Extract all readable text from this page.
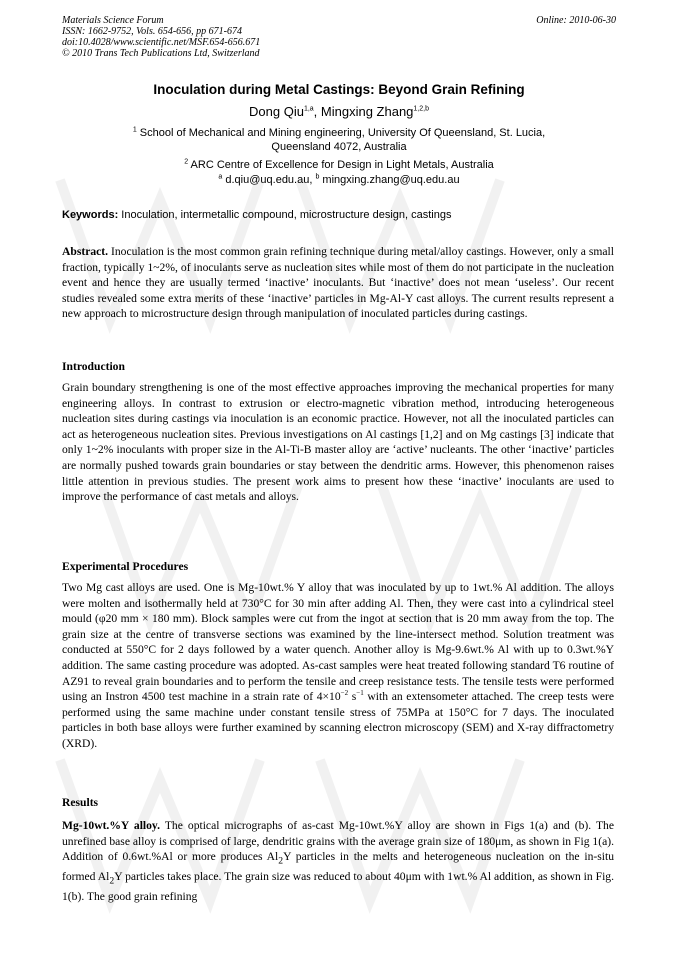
Materials Science Forum
ISSN: 1662-9752, Vols. 654-656, pp 671-674
doi:10.4028/www.scientific.net/MSF.654-656.671
© 2010 Trans Tech Publications Ltd, Switzerland
Online: 2010-06-30
Inoculation during Metal Castings: Beyond Grain Refining
Dong Qiu$^{1,a}$, Mingxing Zhang$^{1,2,b}$
$^1$ School of Mechanical and Mining engineering, University Of Queensland, St. Lucia,
Queensland 4072, Australia
$^2$ ARC Centre of Excellence for Design in Light Metals, Australia
$^a$ d.qiu@uq.edu.au, $^b$ mingxing.zhang@uq.edu.au
Keywords: Inoculation, intermetallic compound, microstructure design, castings
Abstract. Inoculation is the most common grain refining technique during metal/alloy castings. However, only a small fraction, typically 1~2%, of inoculants serve as nucleation sites while most of them do not participate in the nucleation event and hence they are usually termed ‘inactive’ inoculants. But ‘inactive’ does not mean ‘useless’. Our recent studies revealed some extra merits of these ‘inactive’ particles in Mg-Al-Y cast alloys. The current results represent a new approach to microstructure design through manipulation of inoculated particles during castings.
Introduction
Grain boundary strengthening is one of the most effective approaches improving the mechanical properties for many engineering alloys. In contrast to extrusion or electro-magnetic vibration method, introducing heterogeneous nucleation sites during castings via inoculation is an economic practice. However, not all the inoculated particles can act as heterogeneous nucleation sites. Previous investigations on Al castings [1,2] and on Mg castings [3] indicate that only 1~2% inoculants with proper size in the Al-Ti-B master alloy are ‘active’ nucleants. The other ‘inactive’ particles are normally pushed towards grain boundaries or stay between the dendritic arms. However, this phenomenon raises little attention in previous studies. The present work aims to present how these ‘inactive’ inoculants are used to improve the performance of cast metals and alloys.
Experimental Procedures
Two Mg cast alloys are used. One is Mg-10wt.% Y alloy that was inoculated by up to 1wt.% Al addition. The alloys were molten and isothermally held at 730°C for 30 min after adding Al. Then, they were cast into a cylindrical steel mould (φ20 mm × 180 mm). Block samples were cut from the ingot at section that is 20 mm away from the top. The grain size at the centre of transverse sections was examined by the line-intersect method. Solution treatment was conducted at 550°C for 2 days followed by a water quench. Another alloy is Mg-9.6wt.% Al with up to 0.3wt.%Y addition. The same casting procedure was adopted. As-cast samples were heat treated following standard T6 routine of AZ91 to reveal grain boundaries and to perform the tensile and creep resistance tests. The tensile tests were performed using an Instron 4500 test machine in a strain rate of $4\times 10^{-2}$ $s^{-1}$ with an extensometer attached. The creep tests were performed using the same machine under constant tensile stress of 75MPa at 150°C for 7 days. The inoculated particles in both base alloys were further examined by scanning electron microscopy (SEM) and X-ray diffractometry (XRD).
Results
Mg-10wt.%Y alloy. The optical micrographs of as-cast Mg-10wt.%Y alloy are shown in Figs 1(a) and (b). The unrefined base alloy is comprised of large, dendritic grains with the average grain size of 180μm, as shown in Fig 1(a). Addition of 0.6wt.%Al or more produces $Al_2Y$ particles in the melts and heterogeneous nucleation on the in-situ formed $Al_2Y$ particles takes place. The grain size was reduced to about 40μm with 1wt.% Al addition, as shown in Fig. 1(b). The good grain refining
